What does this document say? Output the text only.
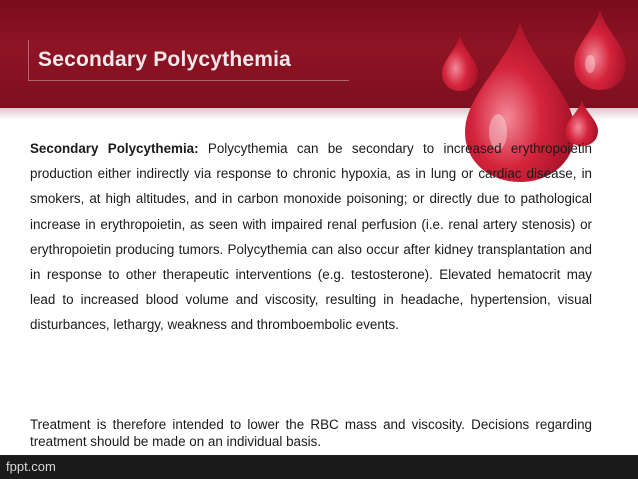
Secondary Polycythemia

Secondary Polycythemia: Polycythemia can be secondary to increased erythropoietin production either indirectly via response to chronic hypoxia, as in lung or cardiac disease, in smokers, at high altitudes, and in carbon monoxide poisoning; or directly due to pathological increase in erythropoietin, as seen with impaired renal perfusion (i.e. renal artery stenosis) or erythropoietin producing tumors. Polycythemia can also occur after kidney transplantation and in response to other therapeutic interventions (e.g. testosterone). Elevated hematocrit may lead to increased blood volume and viscosity, resulting in headache, hypertension, visual disturbances, lethargy, weakness and thromboembolic events.

Treatment is therefore intended to lower the RBC mass and viscosity. Decisions regarding treatment should be made on an individual basis.
fppt.com
